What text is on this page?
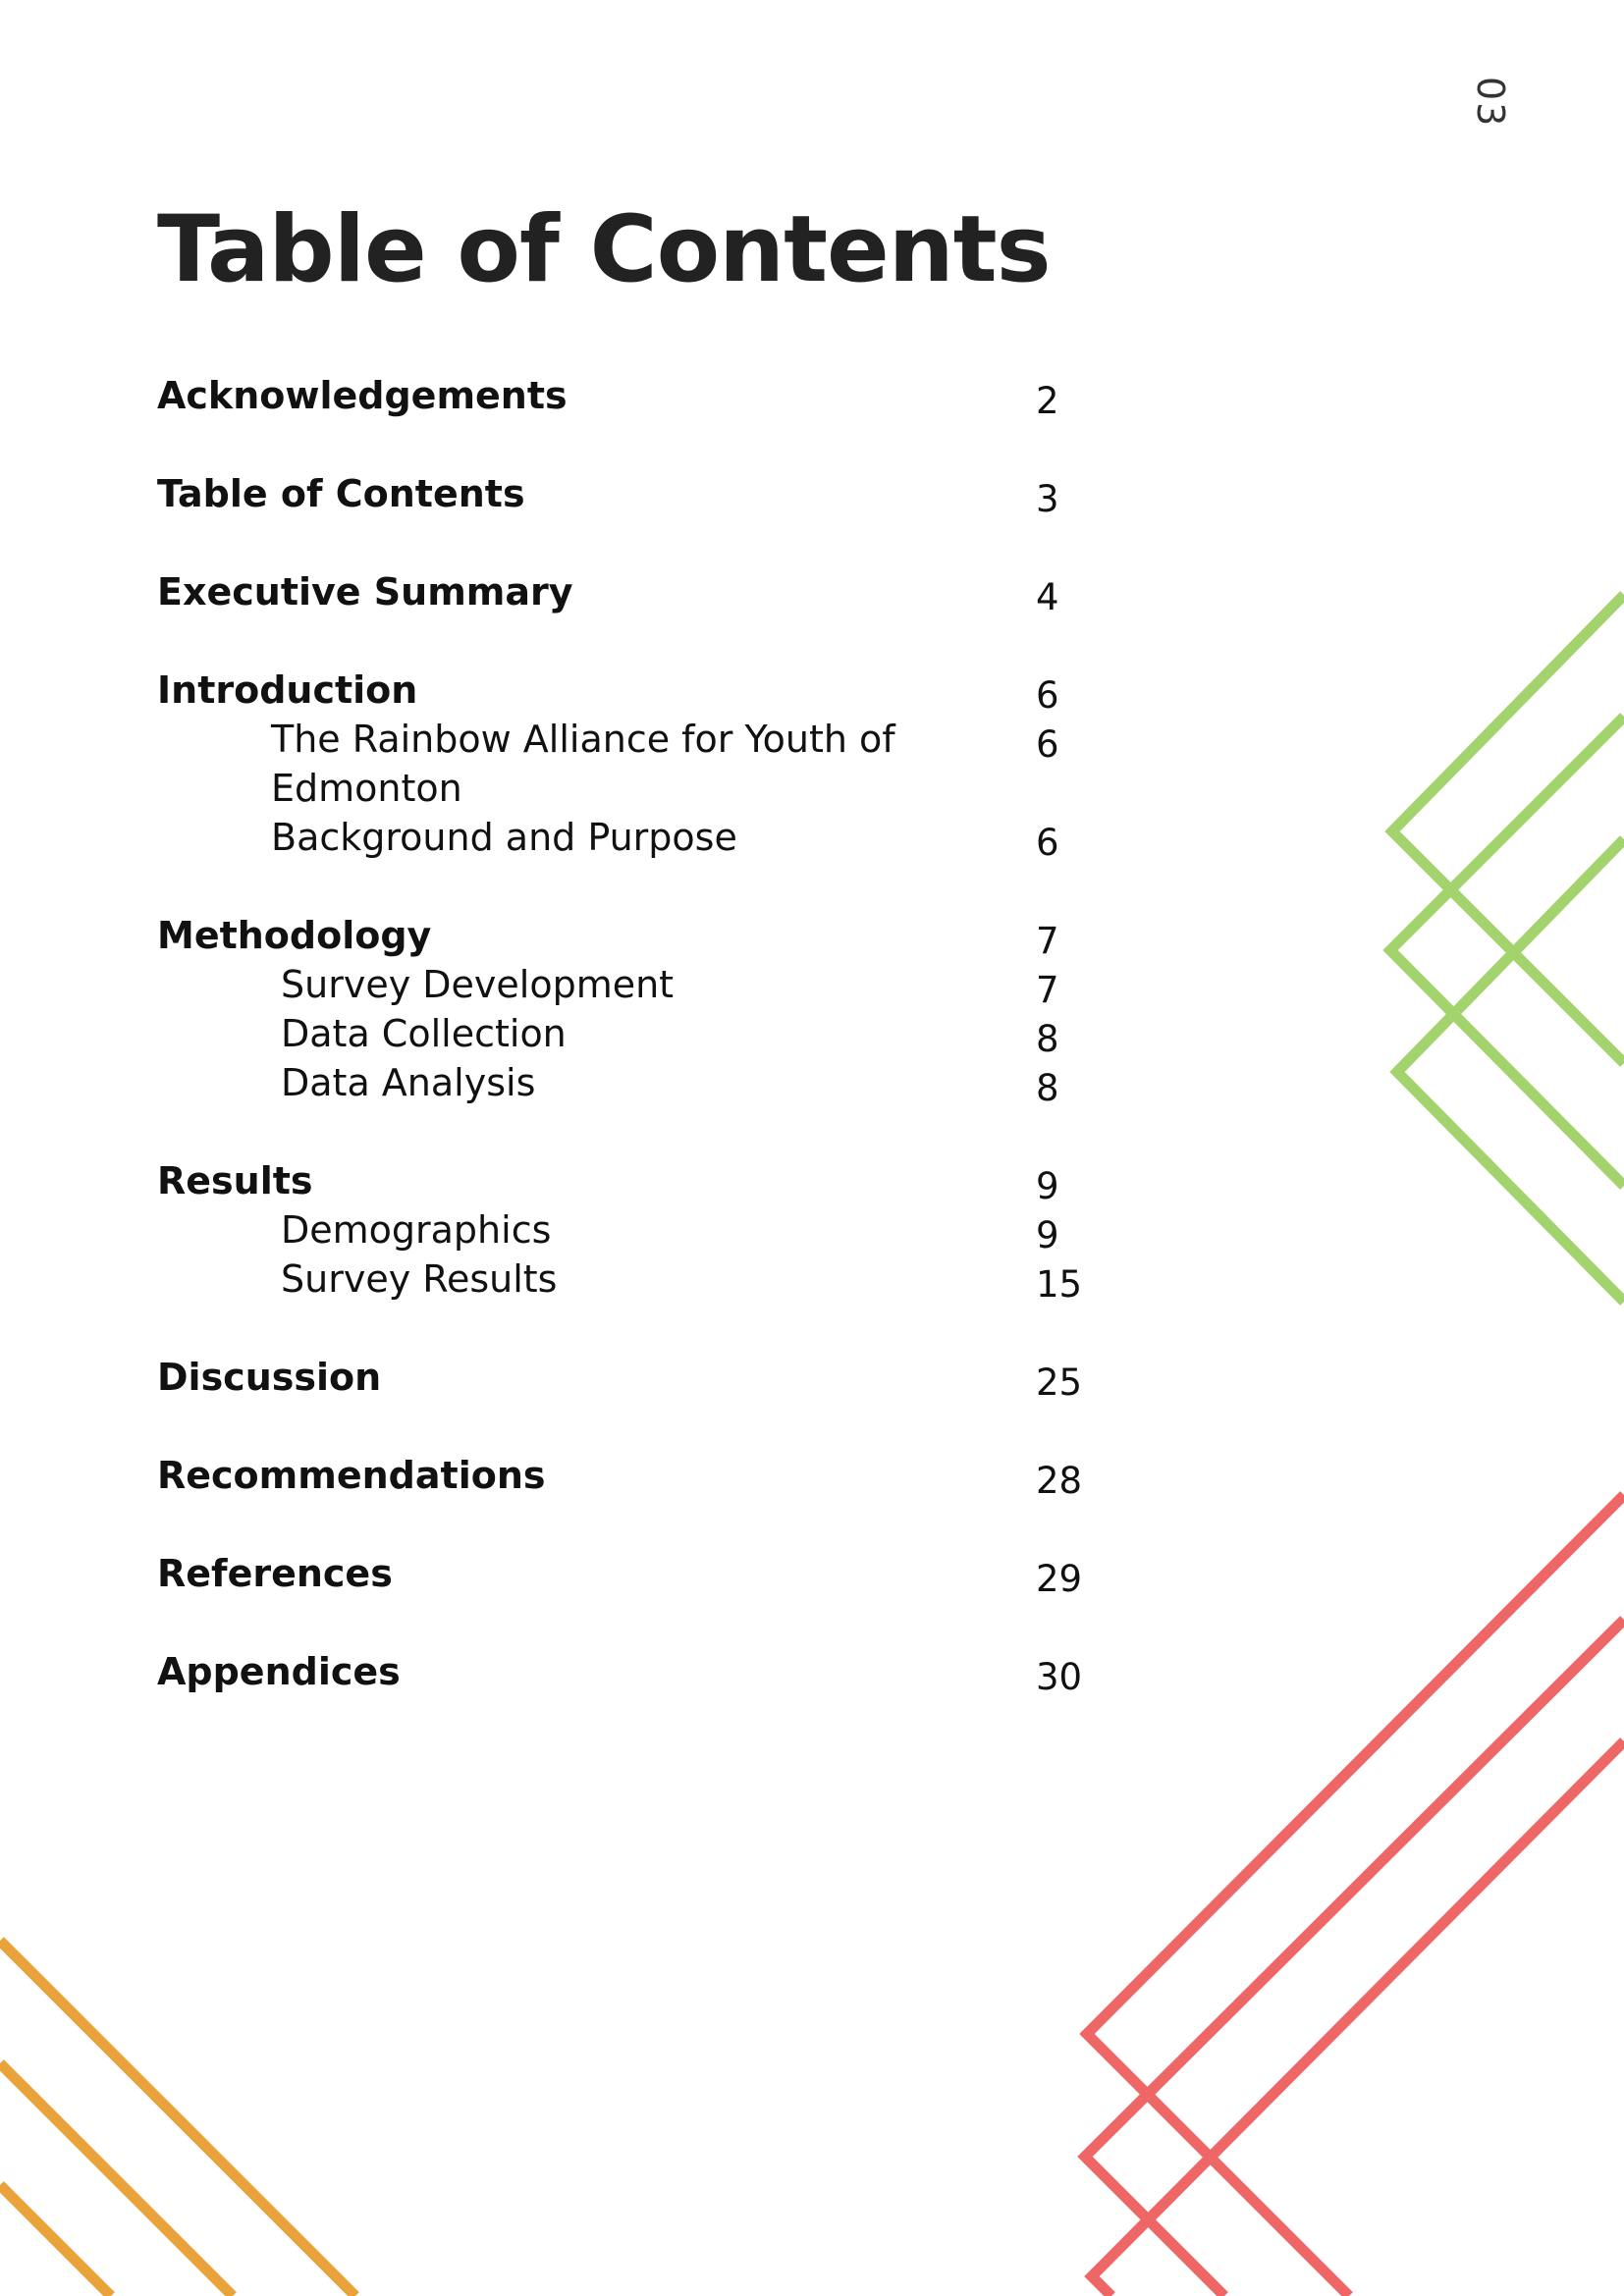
03
Table of Contents
Acknowledgements	2
Table of Contents	3
Executive Summary	4
Introduction	6
The Rainbow Alliance for Youth of	6
Edmonton
Background and Purpose	6
Methodology	7
Survey Development	7
Data Collection	8
Data Analysis	8
Results	9
Demographics	9
Survey Results	15
Discussion	25
Recommendations	28
References	29
Appendices	30
